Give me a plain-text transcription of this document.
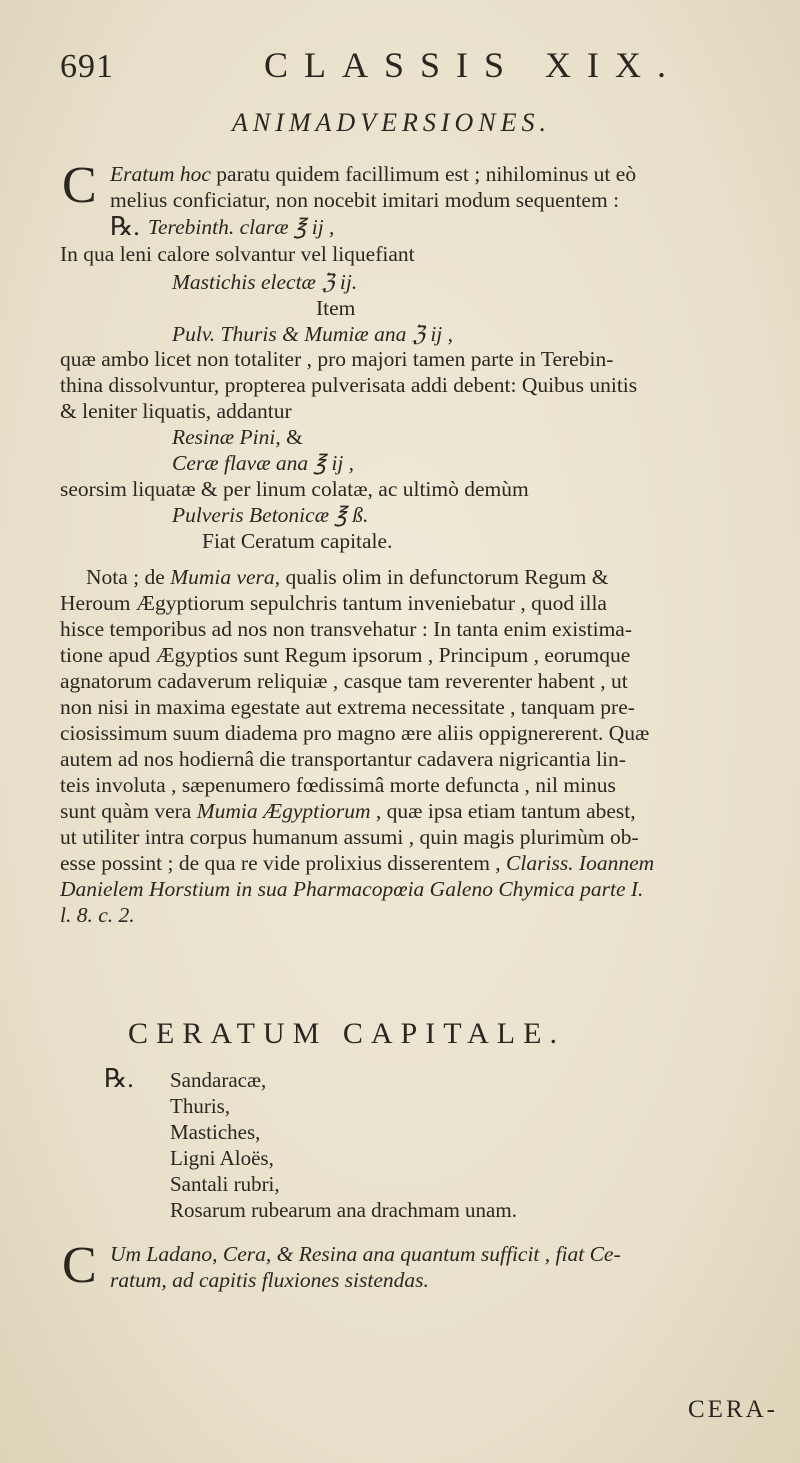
691	CLASSIS XIX.
ANIMADVERSIONES.
C Eratum hoc paratu quidem facillimum est ; nihilominus ut eò
melius conficiatur, non nocebit imitari modum sequentem :
℞. Terebinth. claræ ℥ ij ,
In qua leni calore solvantur vel liquefiant
Mastichis electæ ℨ ij.
Item
Pulv. Thuris & Mumiæ ana ℨ ij ,
quæ ambo licet non totaliter , pro majori tamen parte in Terebin-
thina dissolvuntur, propterea pulverisata addi debent: Quibus unitis
& leniter liquatis, addantur
Resinæ Pini, &
Ceræ flavæ ana ℥ ij ,
seorsim liquatæ & per linum colatæ, ac ultimò demùm
Pulveris Betonicæ ℥ ß.
Fiat Ceratum capitale.
Nota ; de Mumia vera, qualis olim in defunctorum Regum &
Heroum Ægyptiorum sepulchris tantum inveniebatur , quod illa
hisce temporibus ad nos non transvehatur : In tanta enim existima-
tione apud Ægyptios sunt Regum ipsorum , Principum , eorumque
agnatorum cadaverum reliquiæ , casque tam reverenter habent , ut
non nisi in maxima egestate aut extrema necessitate , tanquam pre-
ciosissimum suum diadema pro magno ære aliis oppignererent. Quæ
autem ad nos hodiernâ die transportantur cadavera nigricantia lin-
teis involuta , sæpenumero fœdissimâ morte defuncta , nil minus
sunt quàm vera Mumia Ægyptiorum , quæ ipsa etiam tantum abest,
ut utiliter intra corpus humanum assumi , quin magis plurimùm ob-
esse possint ; de qua re vide prolixius disserentem , Clariss. Ioannem
Danielem Horstium in sua Pharmacopœia Galeno Chymica parte I.
l. 8. c. 2.
CERATUM CAPITALE.
℞. Sandaracæ,
Thuris,
Mastiches,
Ligni Aloës,
Santali rubri,
Rosarum rubearum ana drachmam unam.
C Um Ladano, Cera, & Resina ana quantum sufficit , fiat Ce-
ratum, ad capitis fluxiones sistendas.
CERA-
